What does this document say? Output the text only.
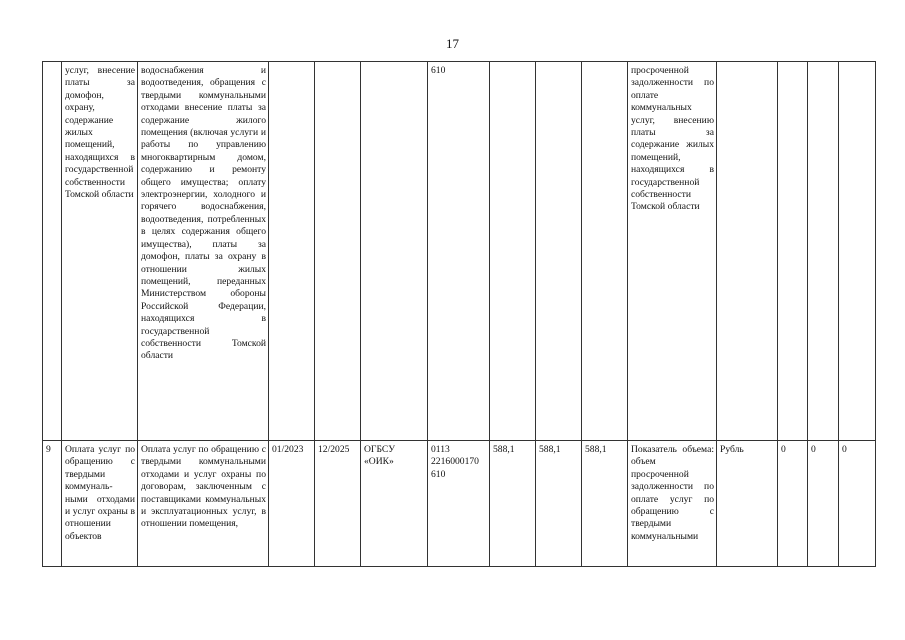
17
	услуг, внесение платы за домофон, охрану, содержание жилых помещений, находящихся в государственной собственности Томской области	водоснабжения и водоотведения, обращения с твердыми коммунальными отходами внесение платы за содержание жилого помещения (включая услуги и работы по управлению многоквартирным домом, содержанию и ремонту общего имущества; оплату электроэнергии, холодного и горячего водоснабжения, водоотведения, потребленных в целях содержания общего имущества), платы за домофон, платы за охрану в отношении жилых помещений, переданных Министерством обороны Российской Федерации, находящихся в государственной собственности Томской области				610				просроченной задолженности по оплате коммунальных услуг, внесению платы за содержание жилых помещений, находящихся в государственной собственности Томской области				
9	Оплата услуг по обращению с твердыми коммуналь-ными отходами и услуг охраны в отношении объектов	Оплата услуг по обращению с твердыми коммунальными отходами и услуг охраны по договорам, заключенным с поставщиками коммунальных и эксплуатационных услуг, в отношении помещения,	01/2023	12/2025	ОГБСУ «ОИК»	0113 2216000170 610	588,1	588,1	588,1	Показатель объема: объем просроченной задолженности по оплате услуг по обращению с твердыми коммунальными	Рубль	0	0	0
